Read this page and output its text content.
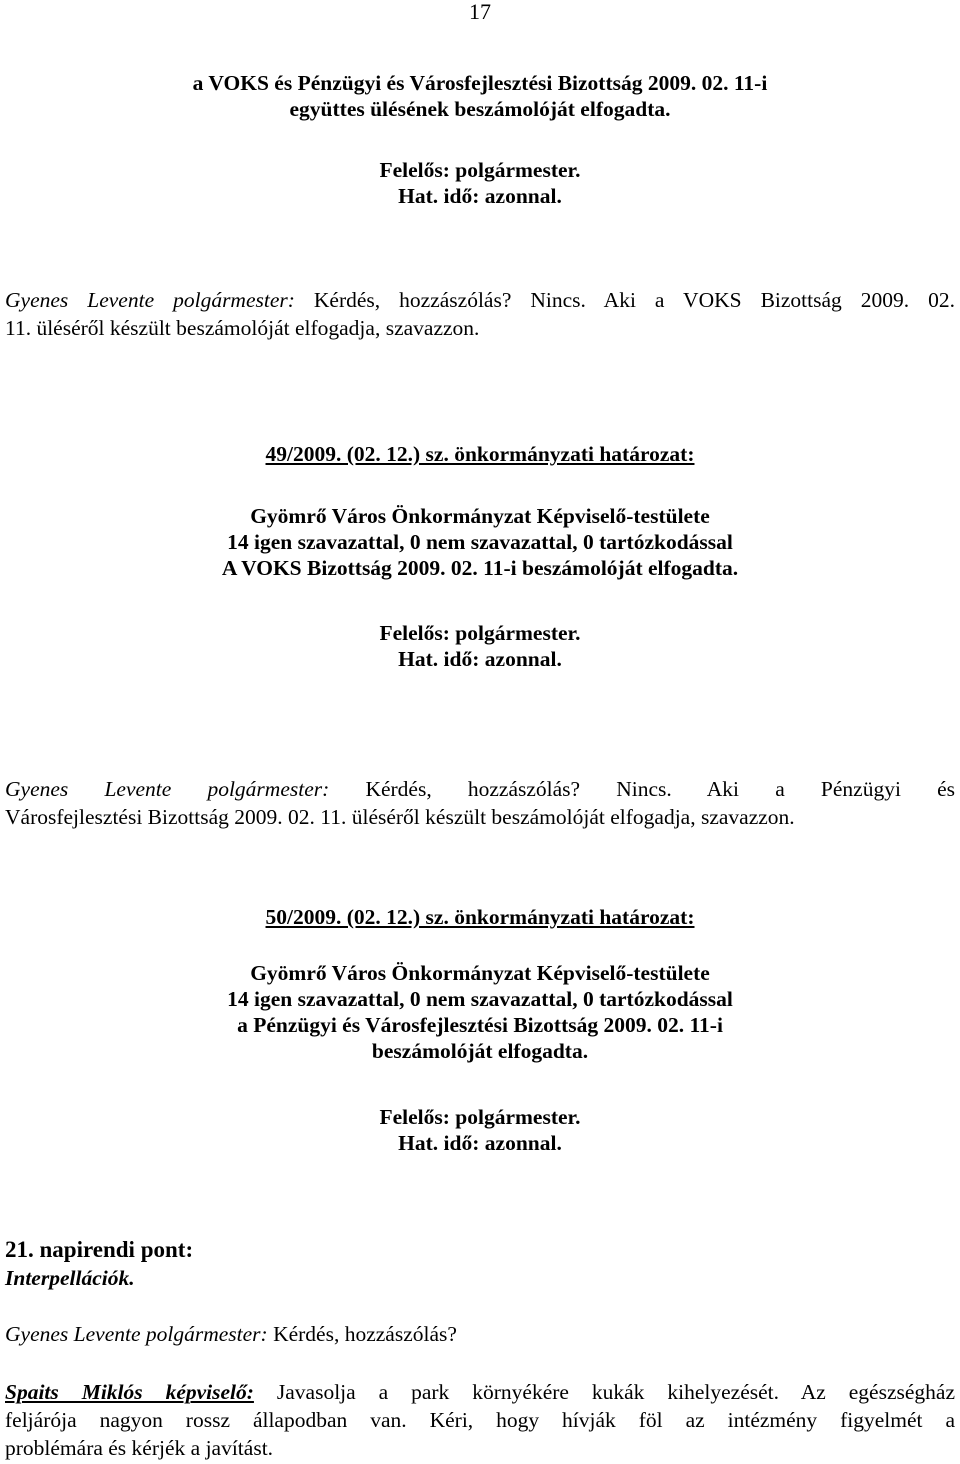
17
a VOKS és Pénzügyi és Városfejlesztési Bizottság 2009. 02. 11-i
együttes ülésének beszámolóját elfogadta.
Felelős: polgármester.
Hat. idő: azonnal.
Gyenes Levente polgármester: Kérdés, hozzászólás? Nincs. Aki a VOKS Bizottság 2009. 02.
11. üléséről készült beszámolóját elfogadja, szavazzon.
49/2009. (02. 12.) sz. önkormányzati határozat:
Gyömrő Város Önkormányzat Képviselő-testülete
14 igen szavazattal, 0 nem szavazattal, 0 tartózkodással
A VOKS Bizottság 2009. 02. 11-i beszámolóját elfogadta.
Felelős: polgármester.
Hat. idő: azonnal.
Gyenes Levente polgármester: Kérdés, hozzászólás? Nincs. Aki a Pénzügyi és
Városfejlesztési Bizottság 2009. 02. 11. üléséről készült beszámolóját elfogadja, szavazzon.
50/2009. (02. 12.) sz. önkormányzati határozat:
Gyömrő Város Önkormányzat Képviselő-testülete
14 igen szavazattal, 0 nem szavazattal, 0 tartózkodással
a Pénzügyi és Városfejlesztési Bizottság 2009. 02. 11-i
beszámolóját elfogadta.
Felelős: polgármester.
Hat. idő: azonnal.
21. napirendi pont:
Interpellációk.
Gyenes Levente polgármester: Kérdés, hozzászólás?
Spaits Miklós képviselő: Javasolja a park környékére kukák kihelyezését. Az egészségház
feljárója nagyon rossz állapodban van. Kéri, hogy hívják föl az intézmény figyelmét a
problémára és kérjék a javítást.
